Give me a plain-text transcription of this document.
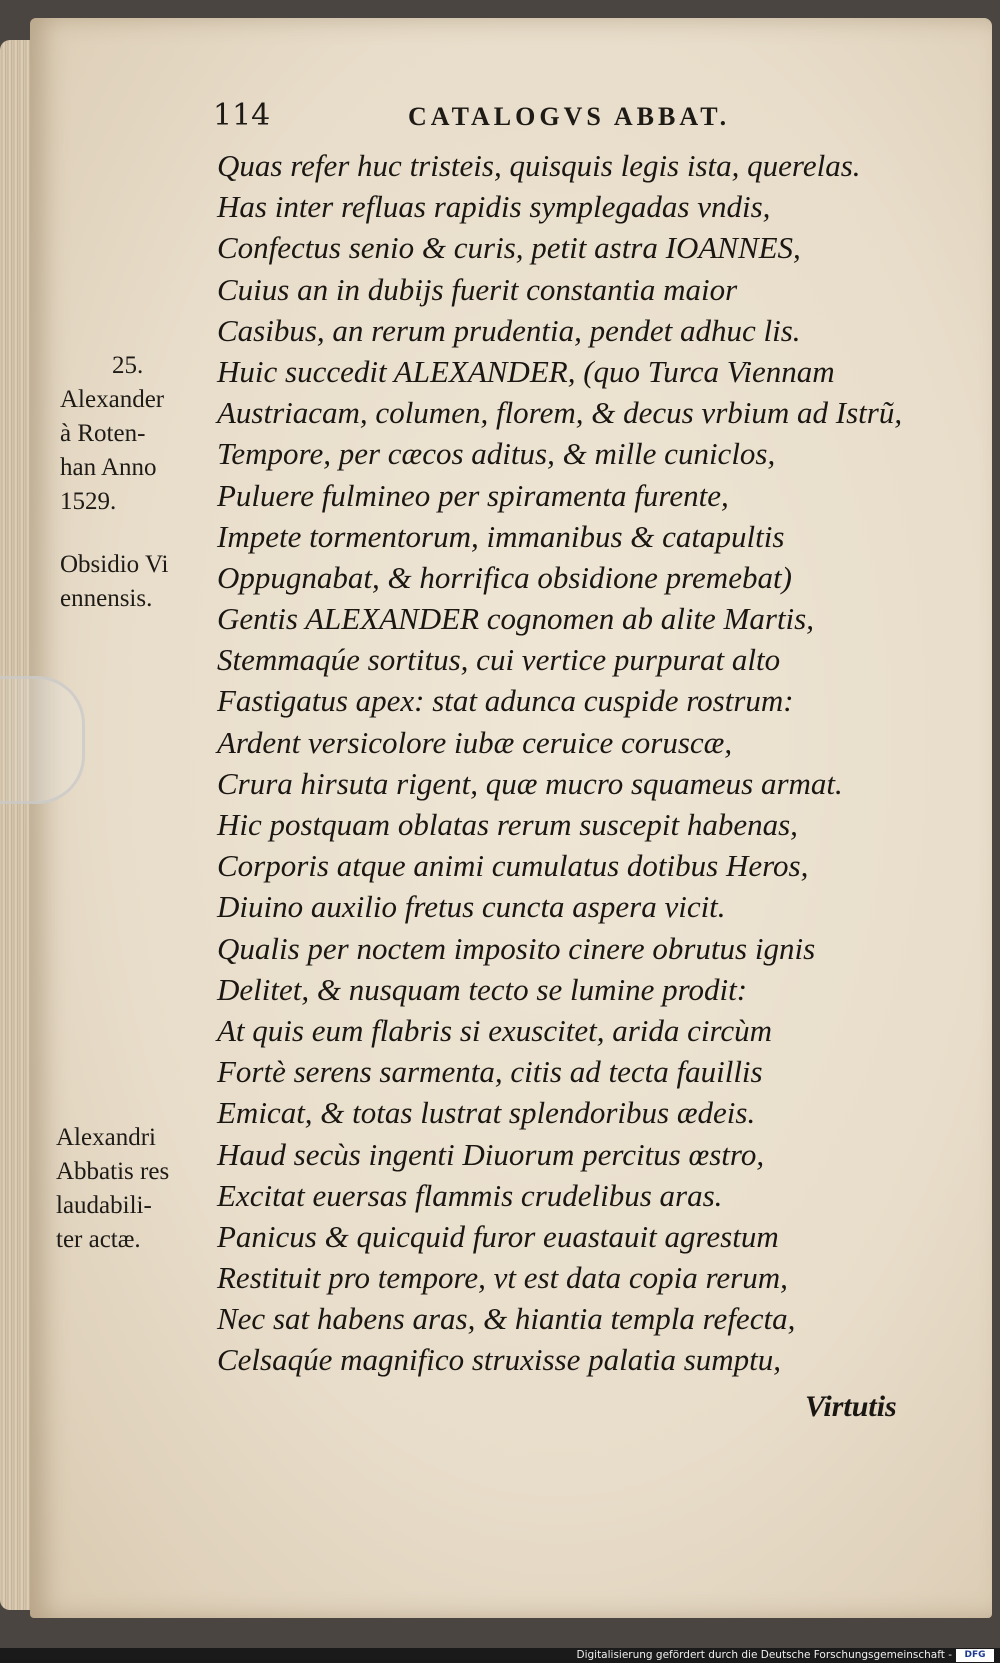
114	CATALOGVS ABBAT.
Quas refer huc tristeis, quisquis legis ista, querelas.
Has inter refluas rapidis symplegadas vndis,
Confectus senio & curis, petit astra IOANNES,
Cuius an in dubijs fuerit constantia maior
Casibus, an rerum prudentia, pendet adhuc lis.
Huic succedit ALEXANDER, (quo Turca Viennam
Austriacam, columen, florem, & decus vrbium ad Istrũ,
Tempore, per cæcos aditus, & mille cuniclos,
Puluere fulmineo per spiramenta furente,
Impete tormentorum, immanibus & catapultis
Oppugnabat, & horrifica obsidione premebat)
Gentis ALEXANDER cognomen ab alite Martis,
Stemmaqúe sortitus, cui vertice purpurat alto
Fastigatus apex: stat adunca cuspide rostrum:
Ardent versicolore iubæ ceruice coruscæ,
Crura hirsuta rigent, quæ mucro squameus armat.
Hic postquam oblatas rerum suscepit habenas,
Corporis atque animi cumulatus dotibus Heros,
Diuino auxilio fretus cuncta aspera vicit.
Qualis per noctem imposito cinere obrutus ignis
Delitet, & nusquam tecto se lumine prodit:
At quis eum flabris si exuscitet, arida circùm
Fortè serens sarmenta, citis ad tecta fauillis
Emicat, & totas lustrat splendoribus ædeis.
Haud secùs ingenti Diuorum percitus œstro,
Excitat euersas flammis crudelibus aras.
Panicus & quicquid furor euastauit agrestum
Restituit pro tempore, vt est data copia rerum,
Nec sat habens aras, & hiantia templa refecta,
Celsaqúe magnifico struxisse palatia sumptu,
25.
Alexander
à Roten-
han Anno
1529.
Obsidio Vi
ennensis.
Alexandri
Abbatis res
laudabili-
ter actæ.
Virtutis
Digitalisierung gefördert durch die Deutsche Forschungsgemeinschaft -	DFG
